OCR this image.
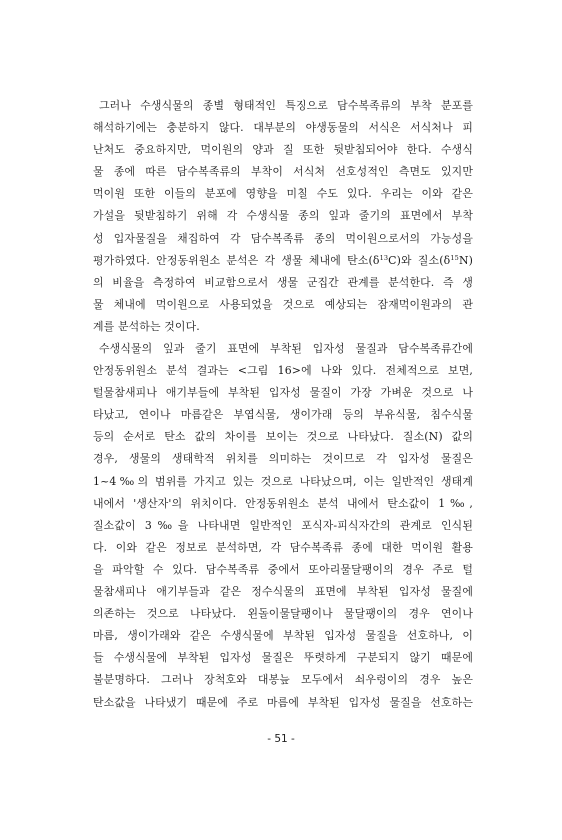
그러나 수생식물의 종별 형태적인 특징으로 담수복족류의 부착 분포를
해석하기에는 충분하지 않다. 대부분의 야생동물의 서식은 서식처나 피
난처도 중요하지만, 먹이원의 양과 질 또한 뒷받침되어야 한다. 수생식
물 종에 따른 담수복족류의 부착이 서식처 선호성적인 측면도 있지만
먹이원 또한 이들의 분포에 영향을 미칠 수도 있다. 우리는 이와 같은
가설을 뒷받침하기 위해 각 수생식물 종의 잎과 줄기의 표면에서 부착
성 입자물질을 채집하여 각 담수복족류 종의 먹이원으로서의 가능성을
평가하였다. 안정동위원소 분석은 각 생물 체내에 탄소$(\delta^{13}C)$와 질소$(\delta^{15}N)$
의 비율을 측정하여 비교함으로서 생물 군집간 관계를 분석한다. 즉 생
물 체내에 먹이원으로 사용되었을 것으로 예상되는 잠재먹이원과의 관
계를 분석하는 것이다.
수생식물의 잎과 줄기 표면에 부착된 입자성 물질과 담수복족류간에
안정동위원소 분석 결과는 <그림 16>에 나와 있다. 전체적으로 보면,
털물참새피나 애기부들에 부착된 입자성 물질이 가장 가벼운 것으로 나
타났고, 연이나 마름같은 부엽식물, 생이가래 등의 부유식물, 침수식물
등의 순서로 탄소 값의 차이를 보이는 것으로 나타났다. 질소(N) 값의
경우, 생물의 생태학적 위치를 의미하는 것이므로 각 입자성 물질은
1~4‰의 범위를 가지고 있는 것으로 나타났으며, 이는 일반적인 생태계
내에서 '생산자'의 위치이다. 안정동위원소 분석 내에서 탄소값이 1‰,
질소값이 3‰을 나타내면 일반적인 포식자-피식자간의 관계로 인식된
다. 이와 같은 정보로 분석하면, 각 담수복족류 종에 대한 먹이원 활용
을 파악할 수 있다. 담수복족류 중에서 또아리물달팽이의 경우 주로 털
물참새피나 애기부들과 같은 정수식물의 표면에 부착된 입자성 물질에
의존하는 것으로 나타났다. 왼돌이물달팽이나 물달팽이의 경우 연이나
마름, 생이가래와 같은 수생식물에 부착된 입자성 물질을 선호하나, 이
들 수생식물에 부착된 입자성 물질은 뚜렷하게 구분되지 않기 때문에
불분명하다. 그러나 장척호와 대봉늪 모두에서 쇠우렁이의 경우 높은
탄소값을 나타냈기 때문에 주로 마름에 부착된 입자성 물질을 선호하는
- 51 -
